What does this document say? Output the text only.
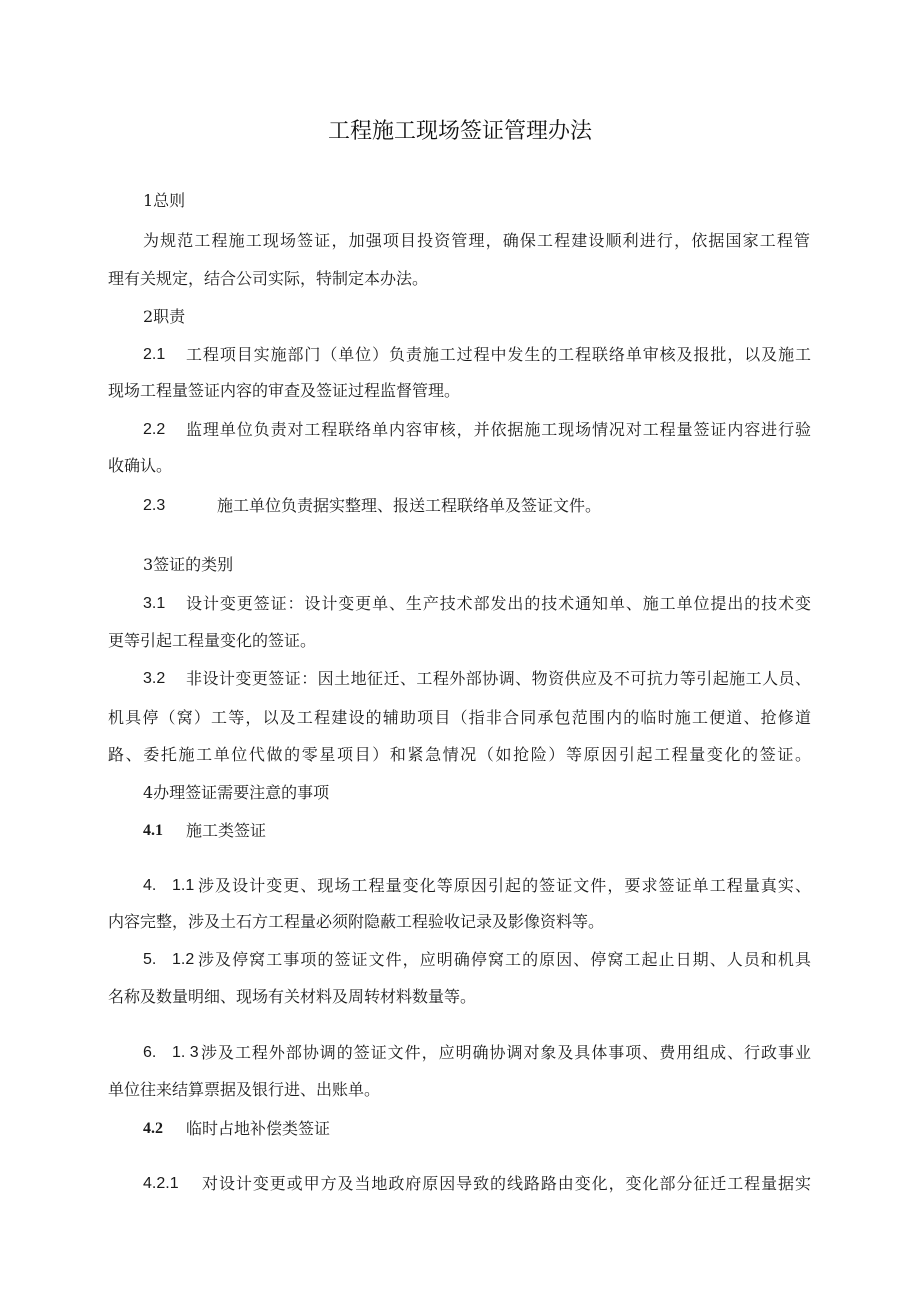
工程施工现场签证管理办法
1总则
为规范工程施工现场签证，加强项目投资管理，确保工程建设顺利进行，依据国家工程管
理有关规定，结合公司实际，特制定本办法。
2职责
2.1 工程项目实施部门（单位）负责施工过程中发生的工程联络单审核及报批，以及施工
现场工程量签证内容的审查及签证过程监督管理。
2.2 监理单位负责对工程联络单内容审核，并依据施工现场情况对工程量签证内容进行验
收确认。
2.3	施工单位负责据实整理、报送工程联络单及签证文件。
3签证的类别
3.1 设计变更签证：设计变更单、生产技术部发出的技术通知单、施工单位提出的技术变
更等引起工程量变化的签证。
3.2 非设计变更签证：因土地征迁、工程外部协调、物资供应及不可抗力等引起施工人员、
机具停（窝）工等，以及工程建设的辅助项目（指非合同承包范围内的临时施工便道、抢修道
路、委托施工单位代做的零星项目）和紧急情况（如抢险）等原因引起工程量变化的签证。
4办理签证需要注意的事项
4.1 施工类签证
4. 1.1 涉及设计变更、现场工程量变化等原因引起的签证文件，要求签证单工程量真实、
内容完整，涉及土石方工程量必须附隐蔽工程验收记录及影像资料等。
5. 1.2 涉及停窝工事项的签证文件，应明确停窝工的原因、停窝工起止日期、人员和机具
名称及数量明细、现场有关材料及周转材料数量等。
6. 1. 3 涉及工程外部协调的签证文件，应明确协调对象及具体事项、费用组成、行政事业
单位往来结算票据及银行进、出账单。
4.2 临时占地补偿类签证
4.2.1 对设计变更或甲方及当地政府原因导致的线路路由变化，变化部分征迁工程量据实
